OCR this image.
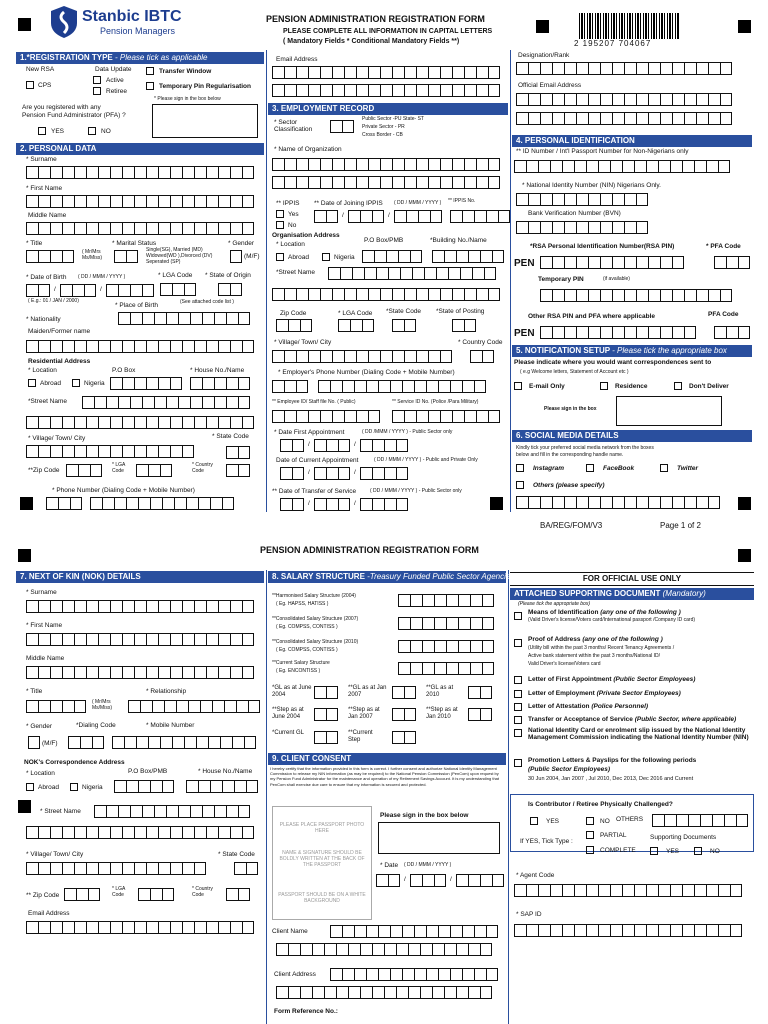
Stanbic IBTC
Pension Managers
PENSION ADMINISTRATION REGISTRATION FORM
PLEASE COMPLETE ALL INFORMATION IN CAPITAL LETTERS
( Mandatory Fields * Conditional Mandatory Fields **)	2 195207 704067
1.*REGISTRATION TYPE - Please tick as applicable
New RSA
CPS
Data Update
Active
Retiree
Transfer Window
Temporary Pin Regularisation
* Please sign in the box below
Are you registered with any
Pension Fund Administrator (PFA) ?
YES	NO
2. PERSONAL DATA
* Surname
* First Name
Middle Name
* Title
( Mr/Mrs Ms/Miss)
* Marital Status
Single(SG), Married (MD) Widowed(WD ),Divorced (DV) Seperated (SP)
* Gender
(M/F)
* Date of Birth ( DD / MMM / YYYY )
/	/
( E.g.: 01 / JAN / 2000)
* LGA Code * State of Origin
* Place of Birth	(See attached code list )
* Nationality
Maiden/Former name
Residential Address
* Location
Abroad	Nigeria
P.O Box	* House No./Name
*Street Name
* Village/ Town/ City	* State Code
**Zip Code
* LGA Code
* Country Code
* Phone Number (Dialing Code + Mobile Number)
Email Address
3. EMPLOYMENT RECORD
* Sector Classification
Public Sector -PU State- ST
Private Sector - PR
Cross Border - CB
* Name of Organization
** IPPIS ** Date of Joining IPPIS ( DD / MMM / YYYY ) ** IPPIS No.
Yes
No
/	/
Organisation Address
* Location
Abroad	Nigeria
P.O Box/PMB	*Building No./Name
*Street Name
Zip Code	* LGA Code *State Code *State of Posting
* Village/ Town/ City	* Country Code
* Employer's Phone Number (Dialing Code + Mobile Number)
** Employee ID/ Staff file No. ( Public)	** Service ID No. (Police /Para Military)
* Date First Appointment	( DD /MMM / YYYY ) - Public Sector only
/	/
Date of Current Appointment	( DD / MMM / YYYY ) - Public and Private Only
/	/
** Date of Transfer of Service	( DD / MMM / YYYY ) - Public Sector only
/	/
Designation/Rank
Official Email Address
4. PERSONAL IDENTIFICATION
** ID Number / Int'l Passport Number for Non-Nigerians only
* National Identity Number (NIN) Nigerians Only.
Bank Verification Number (BVN)
*RSA Personal Identification Number(RSA PIN)	* PFA Code
PEN
Temporary PIN	(if available)
Other RSA PIN and PFA where applicable	PFA Code
PEN
5. NOTIFICATION SETUP - Please tick the appropriate box
Please indicate where you would want correspondences sent to
( e.g Welcome letters, Statement of Account etc )
E-mail Only	Residence	Don't Deliver
Please sign in the box
6. SOCIAL MEDIA DETAILS
Kindly tick your preferred social media network from the boxes
below and fill in the corresponding handle name.
Instagram	FaceBook	Twitter
Others (please specify)
BA/REG/FOM/V3	Page 1 of 2
PENSION ADMINISTRATION REGISTRATION FORM
7. NEXT OF KIN (NOK) DETAILS
* Surname
* First Name
Middle Name
* Title
( Mr/Mrs Ms/Miss)
* Relationship
* Gender	*Dialing Code	* Mobile Number
(M/F)
NOK's Correspondence Address
* Location
Abroad	Nigeria
P.O Box/PMB	* House No./Name
* Street Name
* Village/ Town/ City	* State Code
** Zip Code
* LGA Code
* Country Code
Email Address
8. SALARY STRUCTURE -Treasury Funded Public Sector Agencies Only
**Harmonised Salary Structure (2004)
( Eg. HAPSS, HATISS )
**Consolidated Salary Structure (2007)
( Eg. COMPSS, CONTISS )
**Consolidated Salary Structure (2010)
( Eg. COMPSS, CONTISS )
**Current Salary Structure
( Eg. ENCONTISS )
*GL as at June 2004
**GL as at Jan 2007
**GL as at 2010
**Step as at June 2004
**Step as at Jan 2007
**Step as at Jan 2010
*Current GL	**Current Step
9. CLIENT CONSENT
I hereby certify that the information provided in this form is correct. I further consent and authorize National Identity Management Commission to release my NIN information (as may be required) to the National Pension Commission (PenCom) upon request by my Pension Fund Administrator for the maintenance and operation of my Retirement Savings Account. It is my understanding that PenCom shall exercise due care to ensure that my information is secured and protected.
PLEASE PLACE PASSPORT PHOTO HERE
NAME & SIGNATURE SHOULD BE BOLDLY WRITTEN AT THE BACK OF THE PASSPORT
PASSPORT SHOULD BE ON A WHITE BACKGROUND
Please sign in the box below
* Date ( DD / MMM / YYYY )
/	/
Client Name
Client Address
Form Reference No.:
FOR OFFICIAL USE ONLY
ATTACHED SUPPORTING DOCUMENT (Mandatory)
(Please tick the appropriate box)
Means of Identification (any one of the following )
(Valid Driver's license/Voters card/International passport /Company ID card)
Proof of Address (any one of the following )
(Utility bill within the past 3 months/ Recent Tenancy Agreements /
Active bank statement within the past 3 months/National ID/
Valid Driver's license/Voters card
Letter of First Appointment (Public Sector Employees)
Letter of Employment (Private Sector Employees)
Letter of Attestation (Police Personnel)
Transfer or Acceptance of Service (Public Sector, where applicable)
National Identity Card or enrolment slip issued by the National Identity Management Commission indicating the National Identity Number (NIN)
Promotion Letters & Payslips for the following periods
(Public Sector Employees)
30 Jun 2004, Jan 2007 , Jul 2010, Dec 2013, Dec 2016 and Current
Is Contributor / Retiree Physically Challenged?
YES	NO OTHERS
If YES, Tick Type :
PARTIAL
COMPLETE
Supporting Documents
YES	NO
* Agent Code
* SAP ID
